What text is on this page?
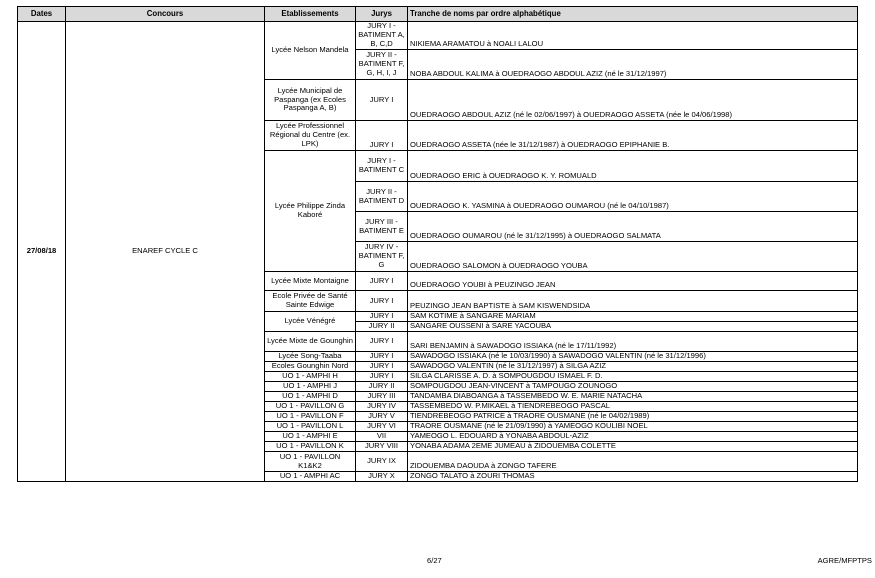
Dates	Concours	Etablissements	Jurys	Tranche de noms par ordre alphabétique
27/08/18	ENAREF CYCLE C	Lycée Nelson Mandela	JURY I - BATIMENT A, B, C,D	NIKIEMA ARAMATOU à NOALI LALOU
			JURY II - BATIMENT F, G, H, I, J	NOBA ABDOUL KALIMA à OUEDRAOGO ABDOUL AZIZ (né le 31/12/1997)
		Lycée Municipal de Paspanga (ex Ecoles Paspanga A, B)	JURY I	OUEDRAOGO ABDOUL AZIZ (né le 02/06/1997) à OUEDRAOGO ASSETA (née le 04/06/1998)
		Lycée Professionnel Régional du Centre (ex. LPK)	JURY I	OUEDRAOGO ASSETA (née le 31/12/1987) à OUEDRAOGO EPIPHANIE B.
		Lycée Philippe Zinda Kaboré	JURY I - BATIMENT C	OUEDRAOGO ERIC à OUEDRAOGO K. Y. ROMUALD
			JURY II - BATIMENT D	OUEDRAOGO K. YASMINA à OUEDRAOGO OUMAROU (né le 04/10/1987)
			JURY III - BATIMENT E	OUEDRAOGO OUMAROU (né le 31/12/1995) à OUEDRAOGO SALMATA
			JURY IV - BATIMENT F, G	OUEDRAOGO SALOMON à OUEDRAOGO YOUBA
		Lycée Mixte Montaigne	JURY I	OUEDRAOGO YOUBI à PEUZINGO JEAN
		Ecole Privée de Santé Sainte Edwige	JURY I	PEUZINGO JEAN BAPTISTE à SAM KISWENDSIDA
		Lycée Vénégré	JURY I	SAM KOTIME à SANGARE MARIAM
			JURY II	SANGARE OUSSENI à SARE YACOUBA
		Lycée Mixte de Gounghin	JURY I	SARI BENJAMIN à SAWADOGO ISSIAKA (né le 17/11/1992)
		Lycée Song-Taaba	JURY I	SAWADOGO ISSIAKA (né le 10/03/1990) à SAWADOGO VALENTIN (né le 31/12/1996)
		Ecoles Gounghin Nord	JURY I	SAWADOGO VALENTIN (né le 31/12/1997) à SILGA AZIZ
		UO 1 - AMPHI H	JURY I	SILGA CLARISSE A. D. à SOMPOUGDOU ISMAEL F. D.
		UO 1 - AMPHI J	JURY II	SOMPOUGDOU JEAN-VINCENT à TAMPOUGO ZOUNOGO
		UO 1 - AMPHI D	JURY III	TANDAMBA DIABOANGA à TASSEMBEDO W. E. MARIE NATACHA
		UO 1 - PAVILLON G	JURY IV	TASSEMBEDO W. P.MIKAEL à TIENDREBEOGO PASCAL
		UO 1 - PAVILLON F	JURY V	TIENDREBEOGO PATRICE à TRAORE OUSMANE (né le 04/02/1989)
		UO 1 - PAVILLON L	JURY VI	TRAORE OUSMANE (né le 21/09/1990) à YAMEOGO KOULIBI NOEL
		UO 1 - AMPHI E	VII	YAMEOGO L. EDOUARD à YONABA ABDOUL-AZIZ
		UO 1 - PAVILLON K	JURY VIII	YONABA ADAMA 2EME JUMEAU à ZIDOUEMBA COLETTE
		UO 1 - PAVILLON K1&K2	JURY IX	ZIDOUEMBA DAOUDA à ZONGO TAFERE
		UO 1 - AMPHI AC	JURY X	ZONGO TALATO à ZOURI THOMAS
6/27	AGRE/MFPTPS
